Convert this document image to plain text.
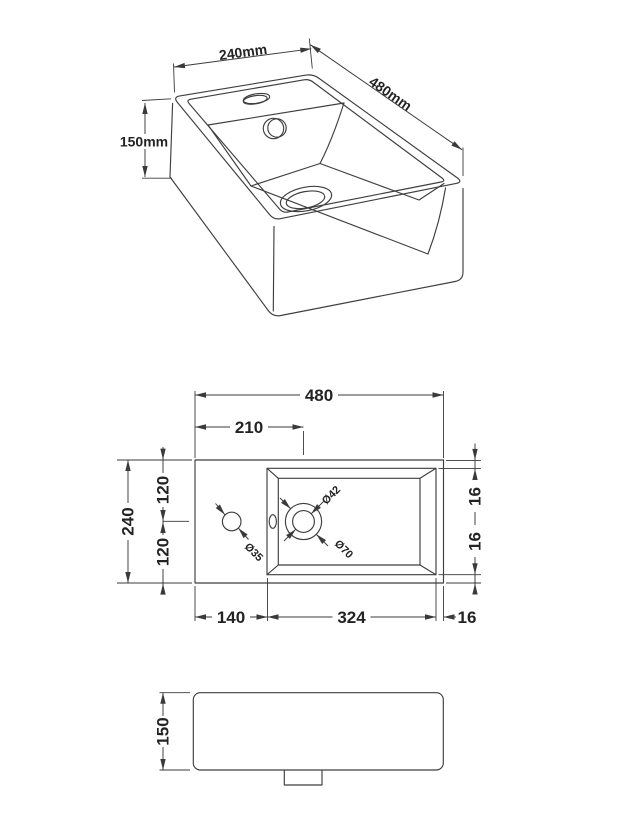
240mm
480mm
150mm
480
210
240
120
120
16
16
140	324	16
Ø35
Ø42
Ø70
150
